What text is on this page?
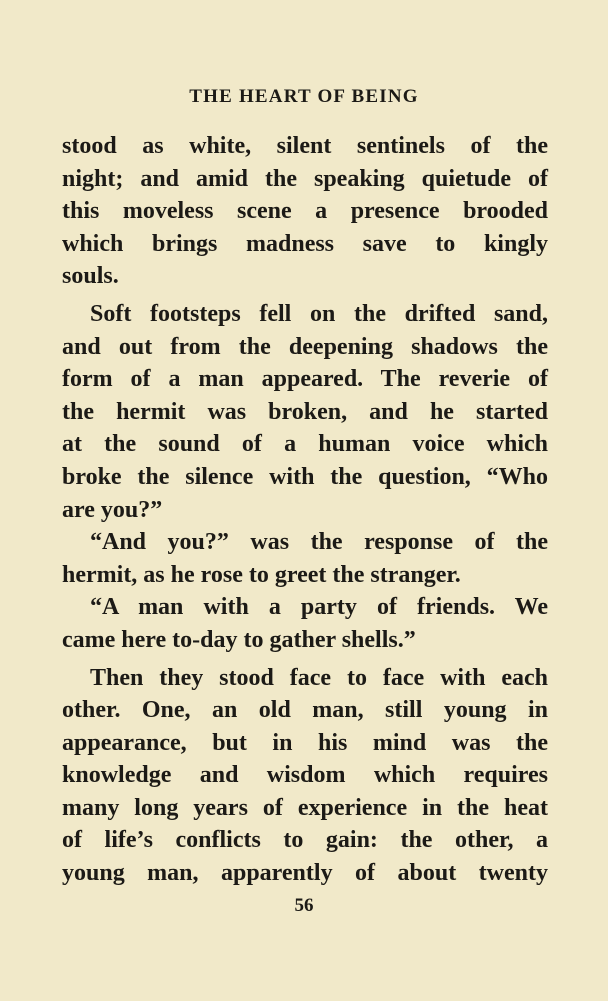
THE HEART OF BEING

stood as white, silent sentinels of the
night; and amid the speaking quietude of
this moveless scene a presence brooded
which brings madness save to kingly
souls.

Soft footsteps fell on the drifted sand,
and out from the deepening shadows the
form of a man appeared. The reverie of
the hermit was broken, and he started
at the sound of a human voice which
broke the silence with the question, “Who
are you?”

“And you?” was the response of the
hermit, as he rose to greet the stranger.

“A man with a party of friends. We
came here to-day to gather shells.”

Then they stood face to face with each
other. One, an old man, still young in
appearance, but in his mind was the
knowledge and wisdom which requires
many long years of experience in the heat
of life’s conflicts to gain: the other, a
young man, apparently of about twenty

56
